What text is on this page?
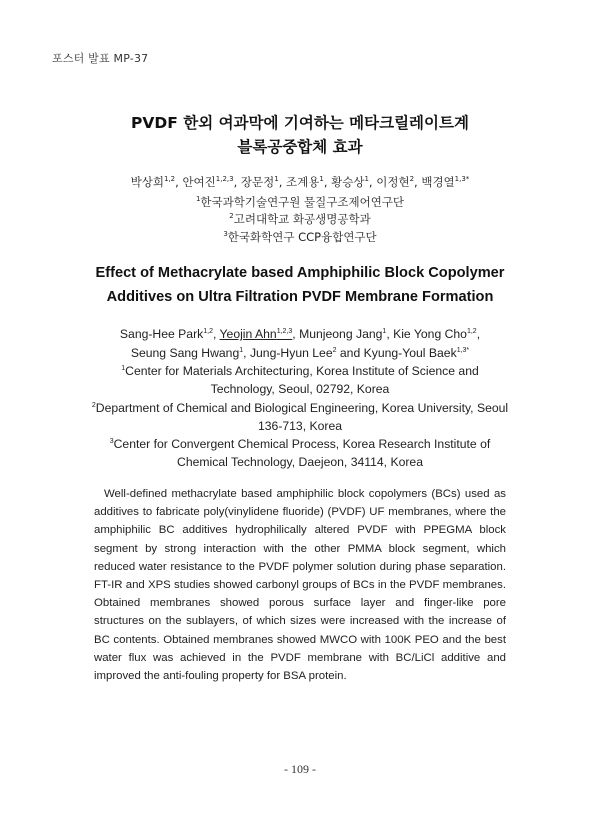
포스터 발표 MP-37
PVDF 한외 여과막에 기여하는 메타크릴레이트계
블록공중합체 효과
박상희$^{1,2}$, 안여진$^{1,2,3}$, 장문정$^1$, 조계용$^1$, 황승상$^1$, 이정현$^2$, 백경열$^{1,3*}$
$^1$한국과학기술연구원 물질구조제어연구단
$^2$고려대학교 화공생명공학과
$^3$한국화학연구 CCP융합연구단
Effect of Methacrylate based Amphiphilic Block Copolymer
Additives on Ultra Filtration PVDF Membrane Formation
Sang-Hee Park$^{1,2}$, Yeojin Ahn$^{1,2,3}$, Munjeong Jang$^1$, Kie Yong Cho$^{1,2}$,
Seung Sang Hwang$^1$, Jung-Hyun Lee$^2$ and Kyung-Youl Baek$^{1,3*}$
$^1$Center for Materials Architecturing, Korea Institute of Science and
Technology, Seoul, 02792, Korea
$^2$Department of Chemical and Biological Engineering, Korea University, Seoul
136-713, Korea
$^3$Center for Convergent Chemical Process, Korea Research Institute of
Chemical Technology, Daejeon, 34114, Korea

Well-defined methacrylate based amphiphilic block copolymers (BCs) used as additives to fabricate poly(vinylidene fluoride) (PVDF) UF membranes, where the amphiphilic BC additives hydrophilically altered PVDF with PPEGMA block segment by strong interaction with the other PMMA block segment, which reduced water resistance to the PVDF polymer solution during phase separation. FT-IR and XPS studies showed carbonyl groups of BCs in the PVDF membranes. Obtained membranes showed porous surface layer and finger-like pore structures on the sublayers, of which sizes were increased with the increase of BC contents. Obtained membranes showed MWCO with 100K PEO and the best water flux was achieved in the PVDF membrane with BC/LiCl additive and improved the anti-fouling property for BSA protein.

- 109 -
